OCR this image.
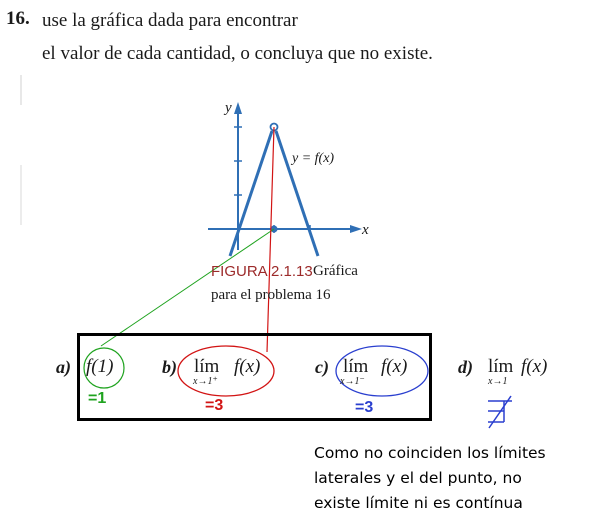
16. use la gráfica dada para encontrar
el valor de cada cantidad, o concluya que no existe.
y
x
y = f(x)
FIGURA 2.1.13 Gráfica
para el problema 16
a) f(1)
=1
b) lím
x→1⁺
f(x)
=3
c) lím
x→1⁻
f(x)
=3
d) lím
x→1
f(x)
Como no coinciden los límites
laterales y el del punto, no
existe límite ni es contínua
